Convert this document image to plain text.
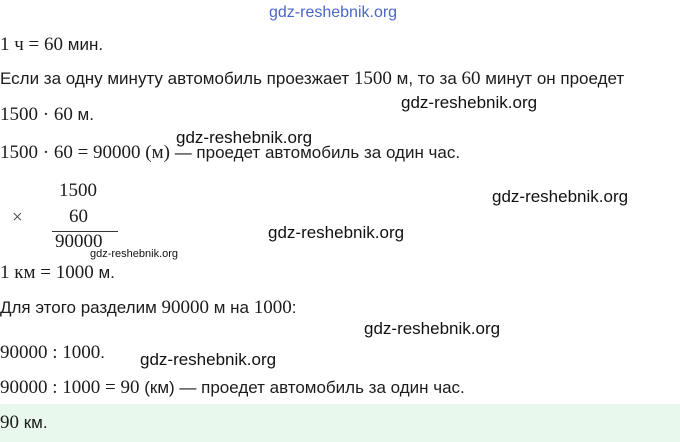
gdz-reshebnik.org
1 ч = 60 мин.
Если за одну минуту автомобиль проезжает 1500 м, то за 60 минут он проедет
gdz-reshebnik.org
1500 · 60 м.
gdz-reshebnik.org
1500 · 60 = 90000 (м) — проедет автомобиль за один час.
×
1500
60
90000
gdz-reshebnik.org
gdz-reshebnik.org
gdz-reshebnik.org
1 км = 1000 м.
Для этого разделим 90000 м на 1000:
gdz-reshebnik.org
90000 : 1000. gdz-reshebnik.org
90000 : 1000 = 90 (км) — проедет автомобиль за один час.
90 км.
